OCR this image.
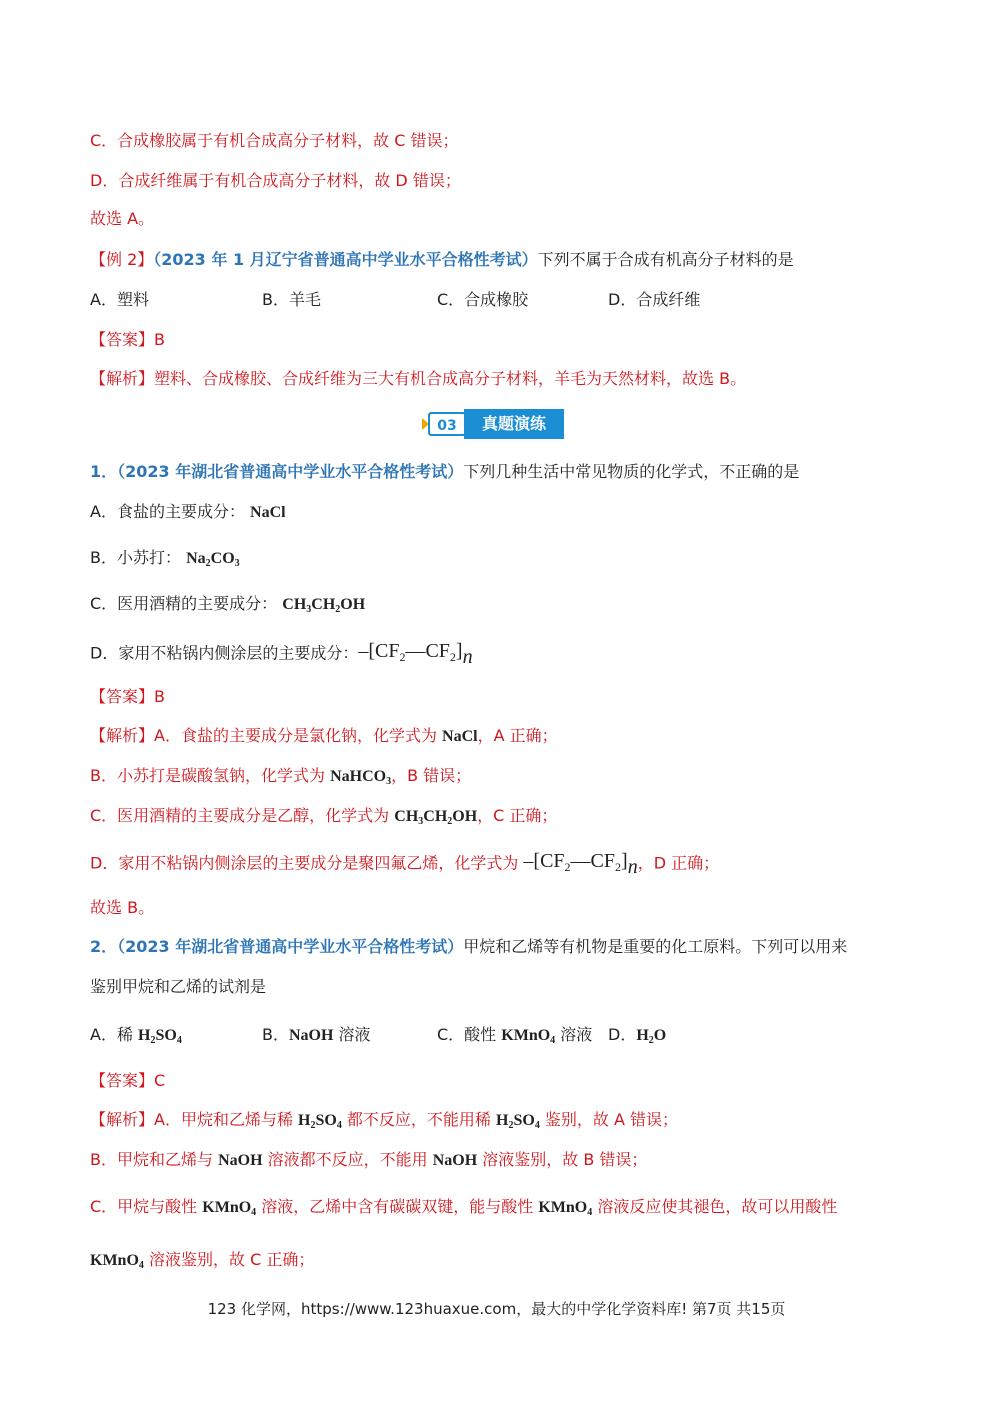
C．合成橡胶属于有机合成高分子材料，故 C 错误；
D．合成纤维属于有机合成高分子材料，故 D 错误；
故选 A。
【例 2】（2023 年 1 月辽宁省普通高中学业水平合格性考试）下列不属于合成有机高分子材料的是
A．塑料	B．羊毛	C．合成橡胶	D．合成纤维
【答案】B
【解析】塑料、合成橡胶、合成纤维为三大有机合成高分子材料，羊毛为天然材料，故选 B。
真题演练
03
1．（2023 年湖北省普通高中学业水平合格性考试）下列几种生活中常见物质的化学式，不正确的是
A．食盐的主要成分： NaCl
B．小苏打： $Na_2CO_3$
C．医用酒精的主要成分： $CH_3CH_2OH$
D．家用不粘锅内侧涂层的主要成分：$-[CF_2—CF_2]n$
【答案】B
【解析】A．食盐的主要成分是氯化钠，化学式为 NaCl，A 正确；
B．小苏打是碳酸氢钠，化学式为 NaHCO$_3$，B 错误；
C．医用酒精的主要成分是乙醇，化学式为 $CH_3CH_2OH$，C 正确；
D．家用不粘锅内侧涂层的主要成分是聚四氟乙烯，化学式为 $-[CF_2—CF_2]n$，D 正确；
故选 B。
2．（2023 年湖北省普通高中学业水平合格性考试）甲烷和乙烯等有机物是重要的化工原料。下列可以用来
鉴别甲烷和乙烯的试剂是
A．稀 $H_2SO_4$	B．NaOH 溶液	C．酸性 KMnO$_4$ 溶液 D．$H_2O$
【答案】C
【解析】A．甲烷和乙烯与稀 $H_2SO_4$ 都不反应，不能用稀 $H_2SO_4$ 鉴别，故 A 错误；
B．甲烷和乙烯与 NaOH 溶液都不反应，不能用 NaOH 溶液鉴别，故 B 错误；
C．甲烷与酸性 KMnO$_4$ 溶液，乙烯中含有碳碳双键，能与酸性 KMnO$_4$ 溶液反应使其褪色，故可以用酸性
KMnO$_4$ 溶液鉴别，故 C 正确；
123 化学网，https://www.123huaxue.com，最大的中学化学资料库! 第7页 共15页
